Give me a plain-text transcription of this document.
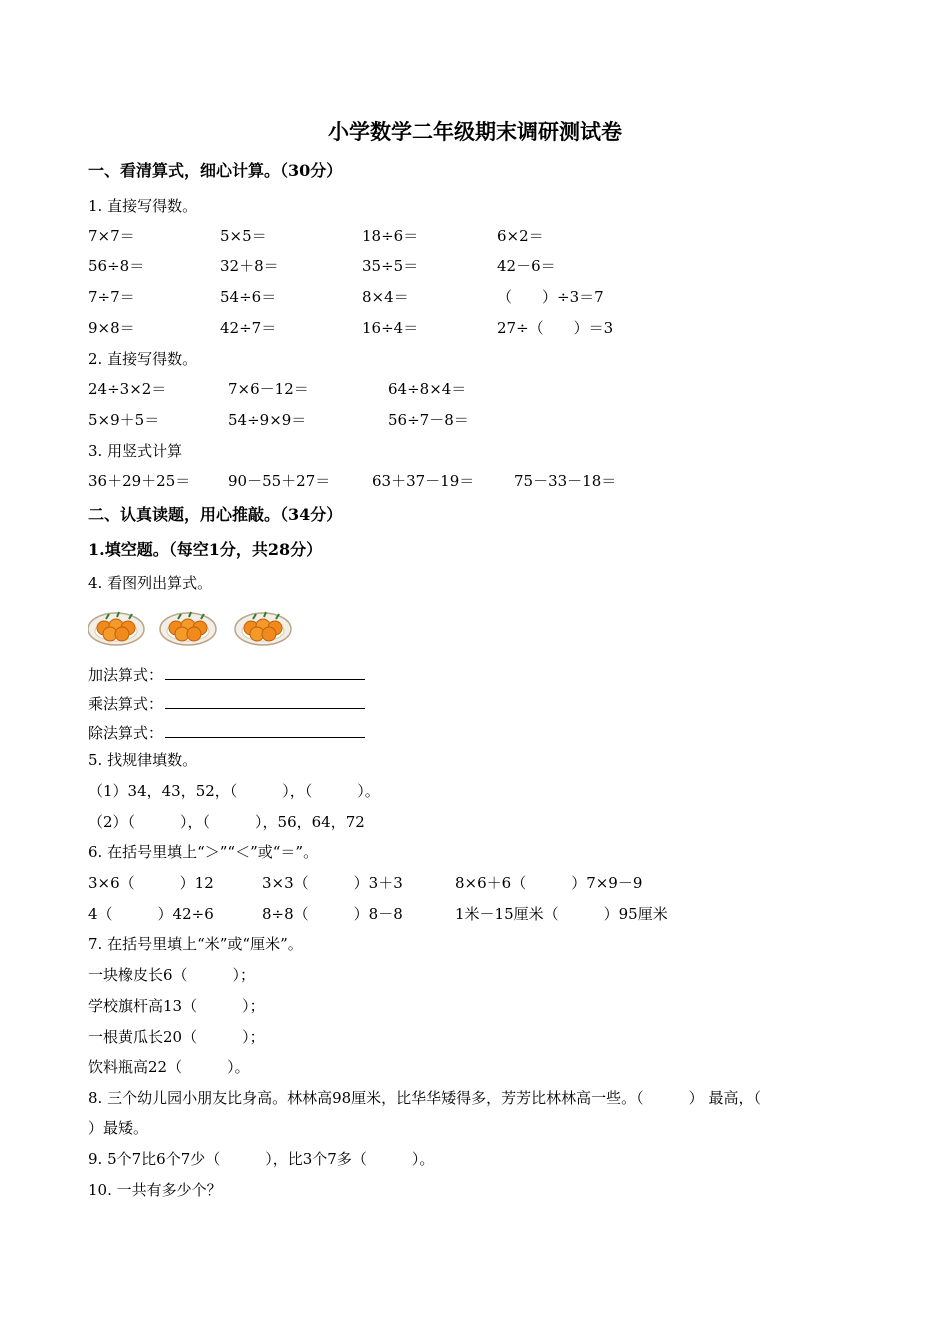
小学数学二年级期末调研测试卷
一、看清算式，细心计算。（30分）
1. 直接写得数。
7×7＝	5×5＝	18÷6＝	6×2＝
56÷8＝	32＋8＝	35÷5＝	42－6＝
7÷7＝	54÷6＝	8×4＝	（　　）÷3＝7
9×8＝	42÷7＝	16÷4＝	27÷（　　）＝3
2. 直接写得数。
24÷3×2＝	7×6－12＝	64÷8×4＝
5×9＋5＝	54÷9×9＝	56÷7－8＝
3. 用竖式计算
36＋29＋25＝	90－55＋27＝	63＋37－19＝	75－33－18＝
二、认真读题，用心推敲。（34分）
1.填空题。（每空1分，共28分）
4. 看图列出算式。
加法算式：
乘法算式：
除法算式：
5. 找规律填数。
（1）34，43，52，（　　　），（　　　）。
（2）（　　　），（　　　），56，64，72
6. 在括号里填上“＞”“＜”或“＝”。
3×6（　　　）12	3×3（　　　）3＋3	8×6＋6（　　　）7×9－9
4（　　　）42÷6	8÷8（　　　）8－8	1米－15厘米（　　　）95厘米
7. 在括号里填上“米”或“厘米”。
一块橡皮长6（　　　）；
学校旗杆高13（　　　）；
一根黄瓜长20（　　　）；
饮料瓶高22（　　　）。
8. 三个幼儿园小朋友比身高。林林高98厘米，比华华矮得多，芳芳比林林高一些。（　　　） 最高，（
）最矮。
9. 5个7比6个7少（　　　），比3个7多（　　　）。
10. 一共有多少个？
